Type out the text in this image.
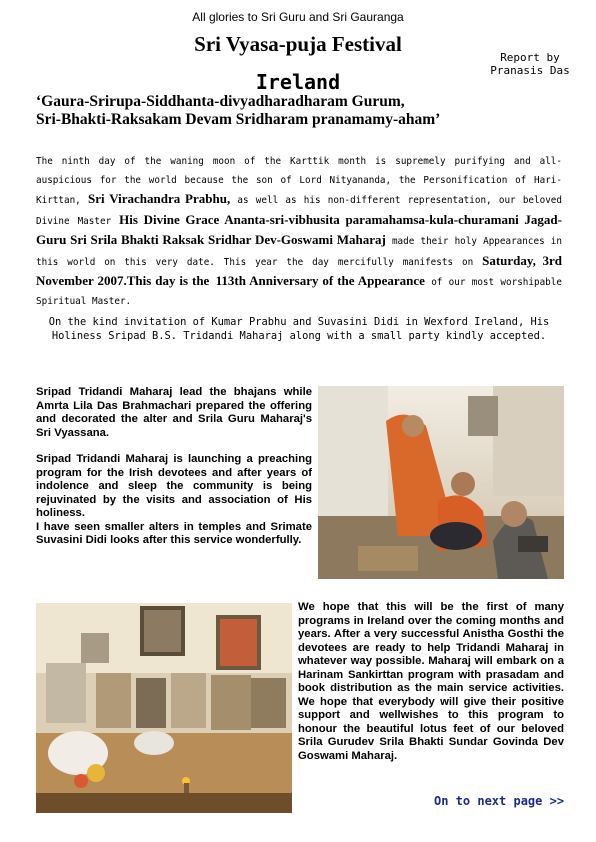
All glories to Sri Guru and Sri Gauranga
Sri Vyasa-puja Festival
Report by
Pranasis Das
Ireland
‘Gaura-Srirupa-Siddhanta-divyadharadharam Gurum,
Sri-Bhakti-Raksakam Devam Sridharam pranamamy-aham’
The ninth day of the waning moon of the Karttik month is supremely purifying and all-auspicious for the world because the son of Lord Nityananda, the Personification of Hari-Kirttan, Sri Virachandra Prabhu, as well as his non-different representation, our beloved Divine Master His Divine Grace Ananta-sri-vibhusita paramahamsa-kula-churamani Jagad-Guru Sri Srila Bhakti Raksak Sridhar Dev-Goswami Maharaj made their holy Appearances in this world on this very date. This year the day mercifully manifests on Saturday, 3rd November 2007.This day is the 113th Anniversary of the Appearance of our most worshipable Spiritual Master.
On the kind invitation of Kumar Prabhu and Suvasini Didi in Wexford Ireland, His Holiness Sripad B.S. Tridandi Maharaj along with a small party kindly accepted.

Sripad Tridandi Maharaj lead the bhajans while Amrta Lila Das Brahmachari prepared the offering and decorated the alter and Srila Guru Maharaj's Sri Vyassana.

Sripad Tridandi Maharaj is launching a preaching program for the Irish devotees and after years of indolence and sleep the community is being rejuvinated by the visits and association of His holiness.

I have seen smaller alters in temples and Srimate Suvasini Didi looks after this service wonderfully.

We hope that this will be the first of many programs in Ireland over the coming months and years. After a very successful Anistha Gosthi the devotees are ready to help Tridandi Maharaj in whatever way possible. Maharaj will embark on a Harinam Sankirttan program with prasadam and book distribution as the main service activities. We hope that everybody will give their positive support and wellwishes to this program to honour the beautiful lotus feet of our beloved Srila Gurudev Srila Bhakti Sundar Govinda Dev Goswami Maharaj.
On to next page >>
